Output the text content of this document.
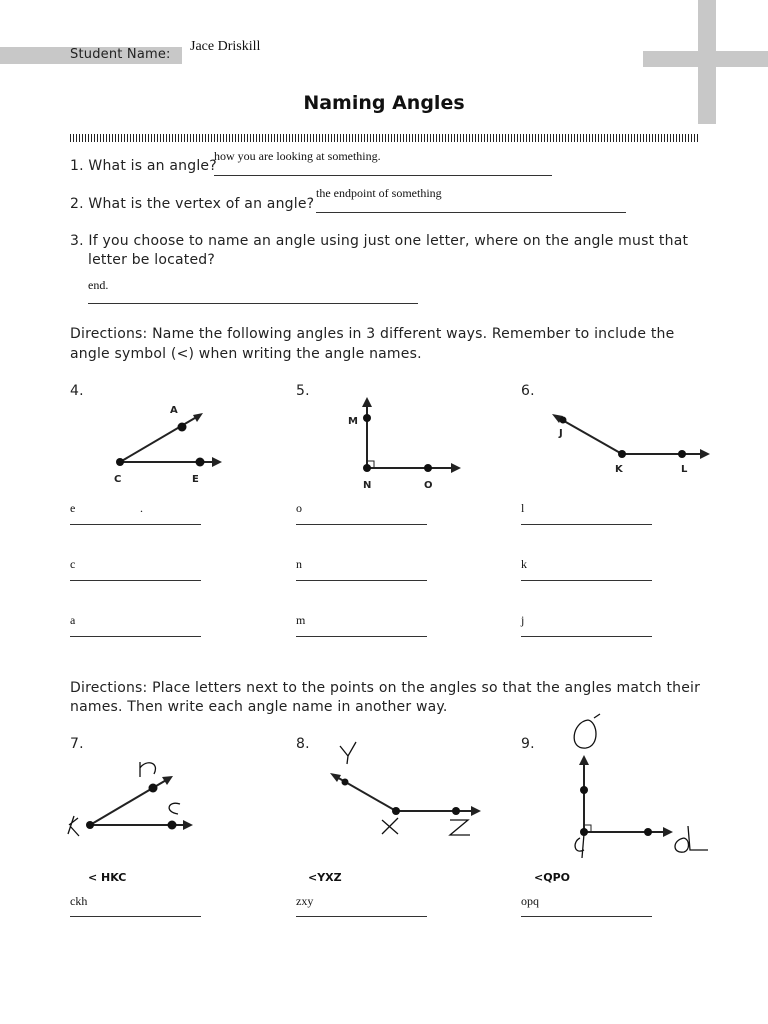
Student Name:
Jace Driskill
Naming Angles
1. What is an angle?
how you are looking at something.
2. What is the vertex of an angle?
the endpoint of something
3. If you choose to name an angle using just one letter, where on the angle must that
letter be located?
end.
Directions: Name the following angles in 3 different ways. Remember to include the
angle symbol (<) when writing the angle names.
4.	5.	6.
A
C	E
M
N	O
J
K	L
e	.
c
a
o
n
m
l
k
j
Directions: Place letters next to the points on the angles so that the angles match their
names. Then write each angle name in another way.
7.	8.	9.
< HKC	<YXZ	<QPO
ckh	zxy	opq
